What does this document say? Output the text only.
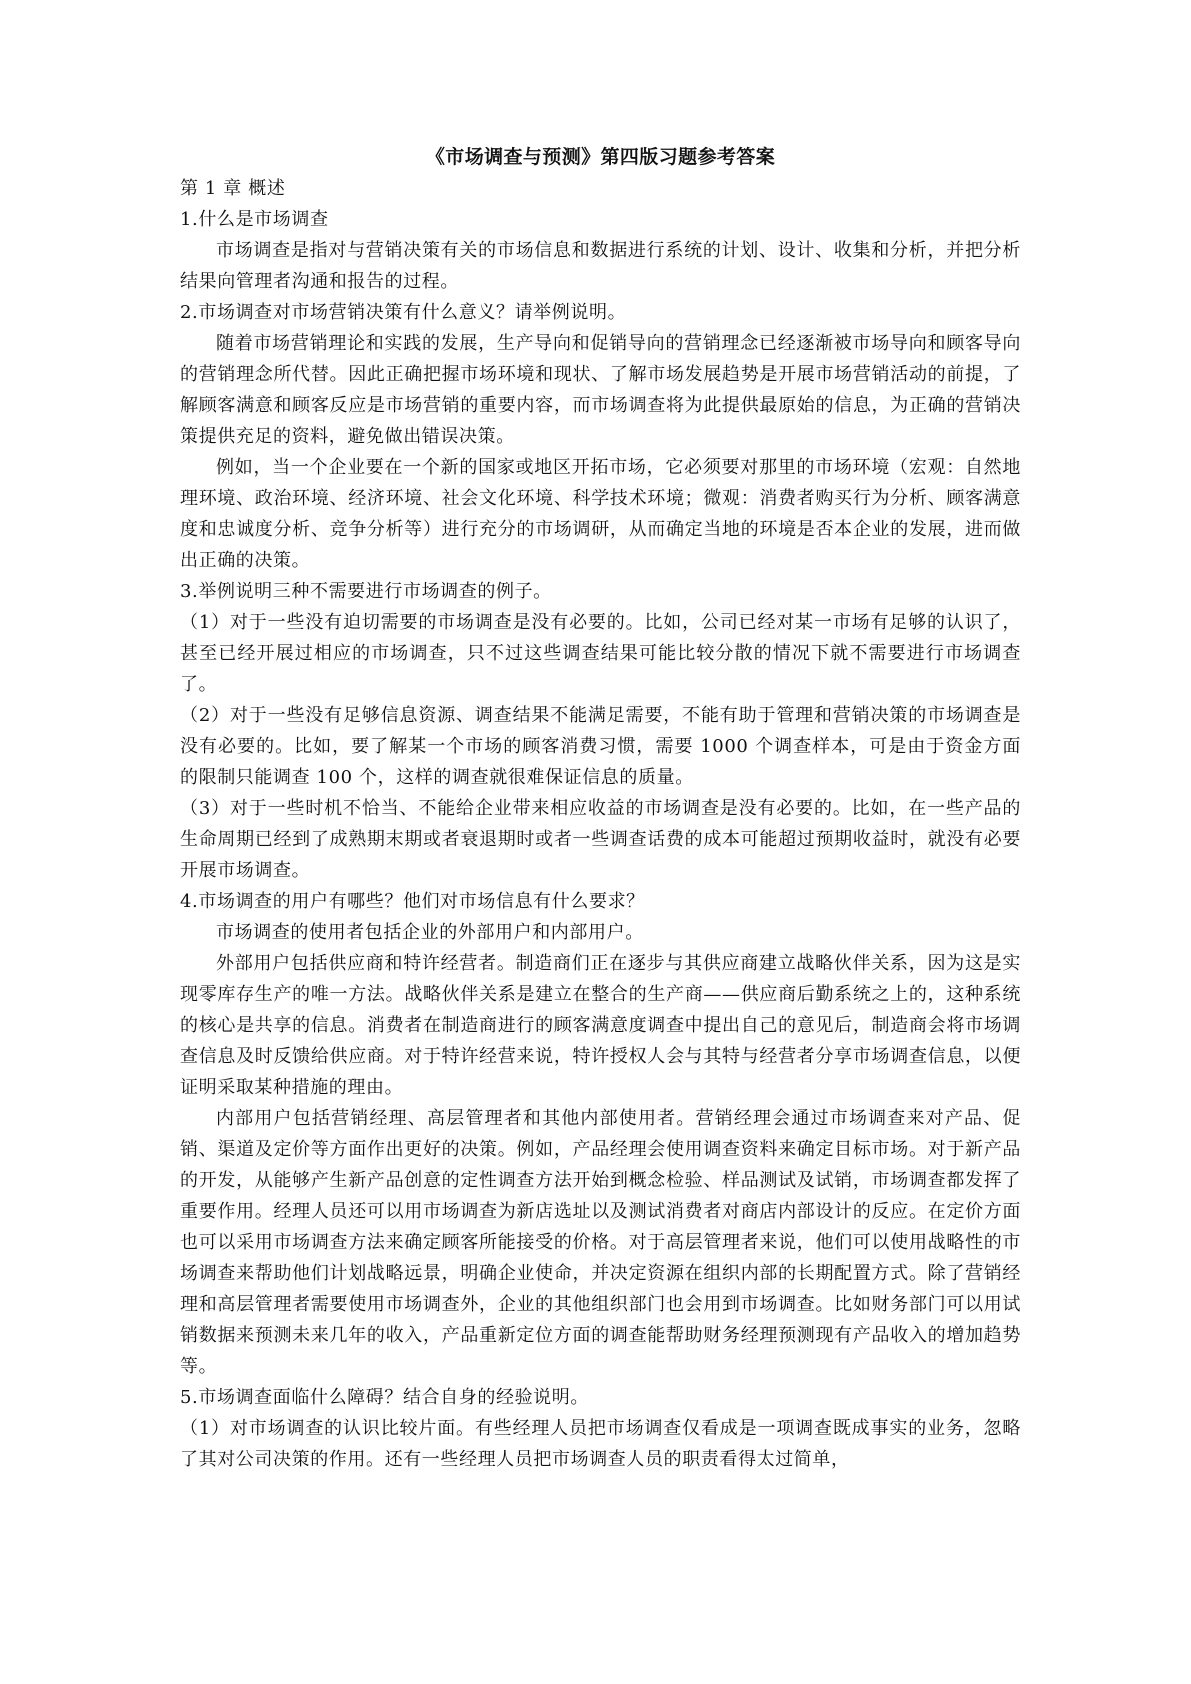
《市场调查与预测》第四版习题参考答案

第 1 章 概述

1.什么是市场调查

市场调查是指对与营销决策有关的市场信息和数据进行系统的计划、设计、收集和分析，并把分析结果向管理者沟通和报告的过程。

2.市场调查对市场营销决策有什么意义？请举例说明。

随着市场营销理论和实践的发展，生产导向和促销导向的营销理念已经逐渐被市场导向和顾客导向的营销理念所代替。因此正确把握市场环境和现状、了解市场发展趋势是开展市场营销活动的前提，了解顾客满意和顾客反应是市场营销的重要内容，而市场调查将为此提供最原始的信息，为正确的营销决策提供充足的资料，避免做出错误决策。

例如，当一个企业要在一个新的国家或地区开拓市场，它必须要对那里的市场环境（宏观：自然地理环境、政治环境、经济环境、社会文化环境、科学技术环境；微观：消费者购买行为分析、顾客满意度和忠诚度分析、竞争分析等）进行充分的市场调研，从而确定当地的环境是否本企业的发展，进而做出正确的决策。

3.举例说明三种不需要进行市场调查的例子。

（1）对于一些没有迫切需要的市场调查是没有必要的。比如，公司已经对某一市场有足够的认识了，甚至已经开展过相应的市场调查，只不过这些调查结果可能比较分散的情况下就不需要进行市场调查了。

（2）对于一些没有足够信息资源、调查结果不能满足需要，不能有助于管理和营销决策的市场调查是没有必要的。比如，要了解某一个市场的顾客消费习惯，需要 1000 个调查样本，可是由于资金方面的限制只能调查 100 个，这样的调查就很难保证信息的质量。

（3）对于一些时机不恰当、不能给企业带来相应收益的市场调查是没有必要的。比如，在一些产品的生命周期已经到了成熟期末期或者衰退期时或者一些调查话费的成本可能超过预期收益时，就没有必要开展市场调查。

4.市场调查的用户有哪些？他们对市场信息有什么要求？

市场调查的使用者包括企业的外部用户和内部用户。

外部用户包括供应商和特许经营者。制造商们正在逐步与其供应商建立战略伙伴关系，因为这是实现零库存生产的唯一方法。战略伙伴关系是建立在整合的生产商——供应商后勤系统之上的，这种系统的核心是共享的信息。消费者在制造商进行的顾客满意度调查中提出自己的意见后，制造商会将市场调查信息及时反馈给供应商。对于特许经营来说，特许授权人会与其特与经营者分享市场调查信息，以便证明采取某种措施的理由。

内部用户包括营销经理、高层管理者和其他内部使用者。营销经理会通过市场调查来对产品、促销、渠道及定价等方面作出更好的决策。例如，产品经理会使用调查资料来确定目标市场。对于新产品的开发，从能够产生新产品创意的定性调查方法开始到概念检验、样品测试及试销，市场调查都发挥了重要作用。经理人员还可以用市场调查为新店选址以及测试消费者对商店内部设计的反应。在定价方面也可以采用市场调查方法来确定顾客所能接受的价格。对于高层管理者来说，他们可以使用战略性的市场调查来帮助他们计划战略远景，明确企业使命，并决定资源在组织内部的长期配置方式。除了营销经理和高层管理者需要使用市场调查外，企业的其他组织部门也会用到市场调查。比如财务部门可以用试销数据来预测未来几年的收入，产品重新定位方面的调查能帮助财务经理预测现有产品收入的增加趋势等。

5.市场调查面临什么障碍？结合自身的经验说明。

（1）对市场调查的认识比较片面。有些经理人员把市场调查仅看成是一项调查既成事实的业务，忽略了其对公司决策的作用。还有一些经理人员把市场调查人员的职责看得太过简单，
